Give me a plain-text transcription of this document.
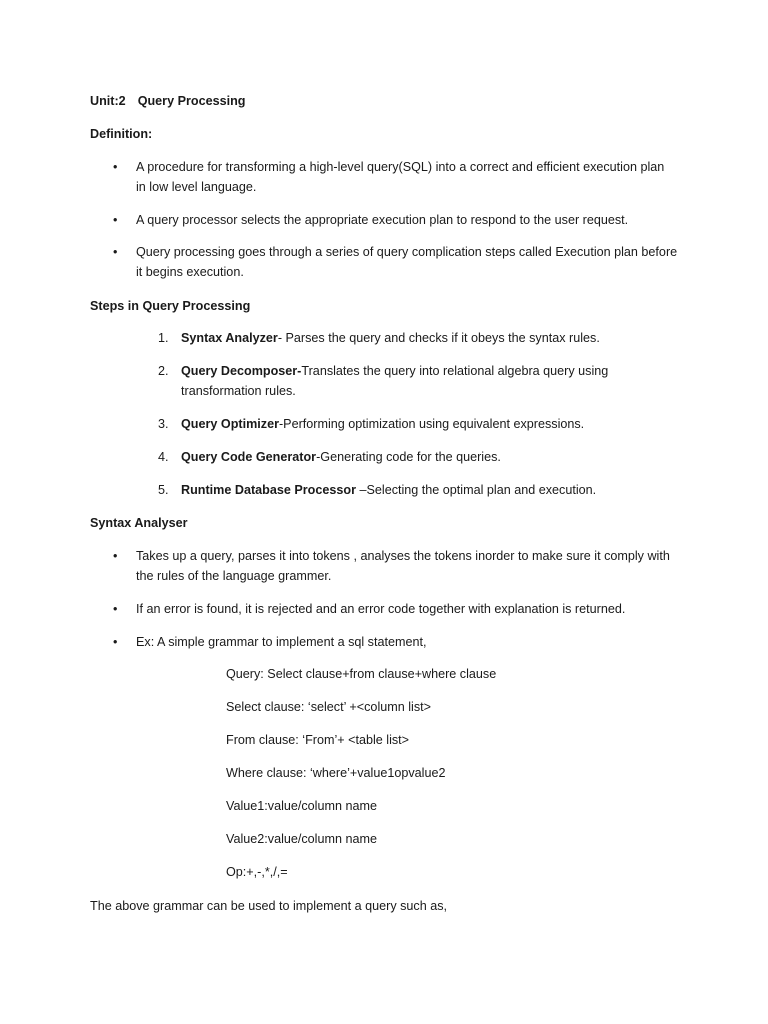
Unit:2 Query Processing
Definition:
• A procedure for transforming a high-level query(SQL) into a correct and efficient execution plan
in low level language.
• A query processor selects the appropriate execution plan to respond to the user request.
• Query processing goes through a series of query complication steps called Execution plan before
it begins execution.
Steps in Query Processing
1. Syntax Analyzer- Parses the query and checks if it obeys the syntax rules.
2. Query Decomposer-Translates the query into relational algebra query using
transformation rules.
3. Query Optimizer-Performing optimization using equivalent expressions.
4. Query Code Generator-Generating code for the queries.
5. Runtime Database Processor –Selecting the optimal plan and execution.
Syntax Analyser
• Takes up a query, parses it into tokens , analyses the tokens inorder to make sure it comply with
the rules of the language grammer.
• If an error is found, it is rejected and an error code together with explanation is returned.
• Ex: A simple grammar to implement a sql statement,
Query: Select clause+from clause+where clause
Select clause: ‘select’ +<column list>
From clause: ‘From’+ <table list>
Where clause: ‘where’+value1opvalue2
Value1:value/column name
Value2:value/column name
Op:+,-,*,/,=
The above grammar can be used to implement a query such as,
